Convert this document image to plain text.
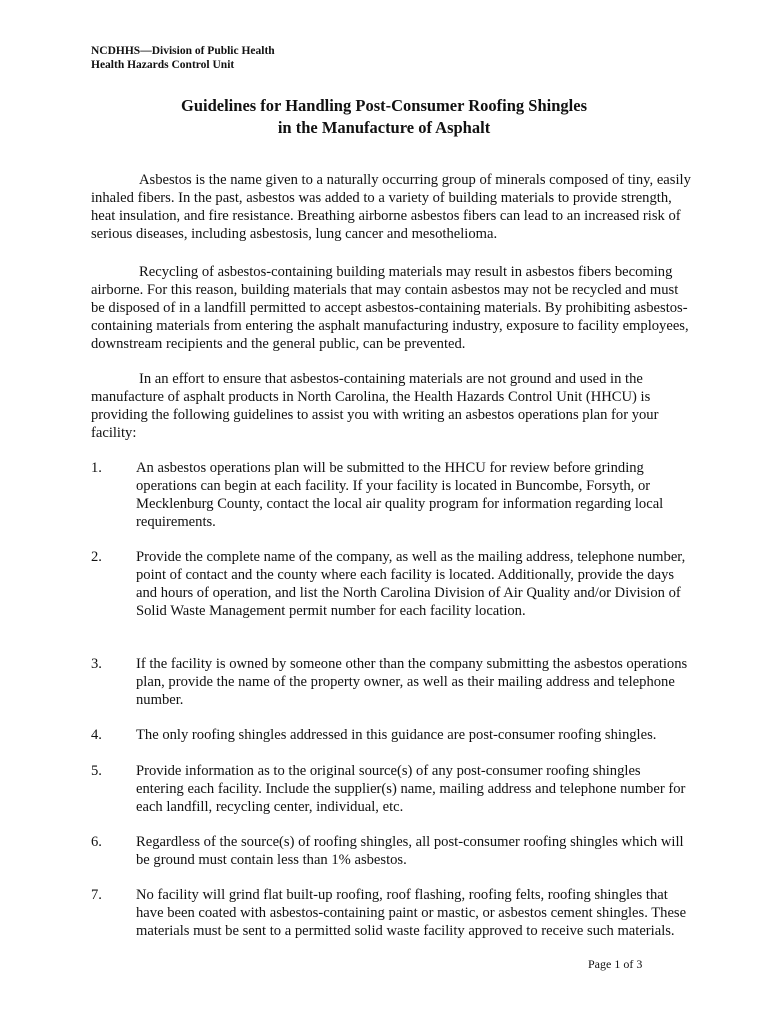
NCDHHS—Division of Public Health
Health Hazards Control Unit
Guidelines for Handling Post-Consumer Roofing Shingles
in the Manufacture of Asphalt

Asbestos is the name given to a naturally occurring group of minerals composed of tiny, easily inhaled fibers. In the past, asbestos was added to a variety of building materials to provide strength, heat insulation, and fire resistance. Breathing airborne asbestos fibers can lead to an increased risk of serious diseases, including asbestosis, lung cancer and mesothelioma.

Recycling of asbestos-containing building materials may result in asbestos fibers becoming airborne. For this reason, building materials that may contain asbestos may not be recycled and must be disposed of in a landfill permitted to accept asbestos-containing materials. By prohibiting asbestos-containing materials from entering the asphalt manufacturing industry, exposure to facility employees, downstream recipients and the general public, can be prevented.

In an effort to ensure that asbestos-containing materials are not ground and used in the manufacture of asphalt products in North Carolina, the Health Hazards Control Unit (HHCU) is providing the following guidelines to assist you with writing an asbestos operations plan for your facility:

1. An asbestos operations plan will be submitted to the HHCU for review before grinding operations can begin at each facility. If your facility is located in Buncombe, Forsyth, or Mecklenburg County, contact the local air quality program for information regarding local requirements.
2. Provide the complete name of the company, as well as the mailing address, telephone number, point of contact and the county where each facility is located. Additionally, provide the days and hours of operation, and list the North Carolina Division of Air Quality and/or Division of Solid Waste Management permit number for each facility location.
3. If the facility is owned by someone other than the company submitting the asbestos operations plan, provide the name of the property owner, as well as their mailing address and telephone number.
4. The only roofing shingles addressed in this guidance are post-consumer roofing shingles.
5. Provide information as to the original source(s) of any post-consumer roofing shingles entering each facility. Include the supplier(s) name, mailing address and telephone number for each landfill, recycling center, individual, etc.
6. Regardless of the source(s) of roofing shingles, all post-consumer roofing shingles which will be ground must contain less than 1% asbestos.
7. No facility will grind flat built-up roofing, roof flashing, roofing felts, roofing shingles that have been coated with asbestos-containing paint or mastic, or asbestos cement shingles. These materials must be sent to a permitted solid waste facility approved to receive such materials.
Page 1 of 3
